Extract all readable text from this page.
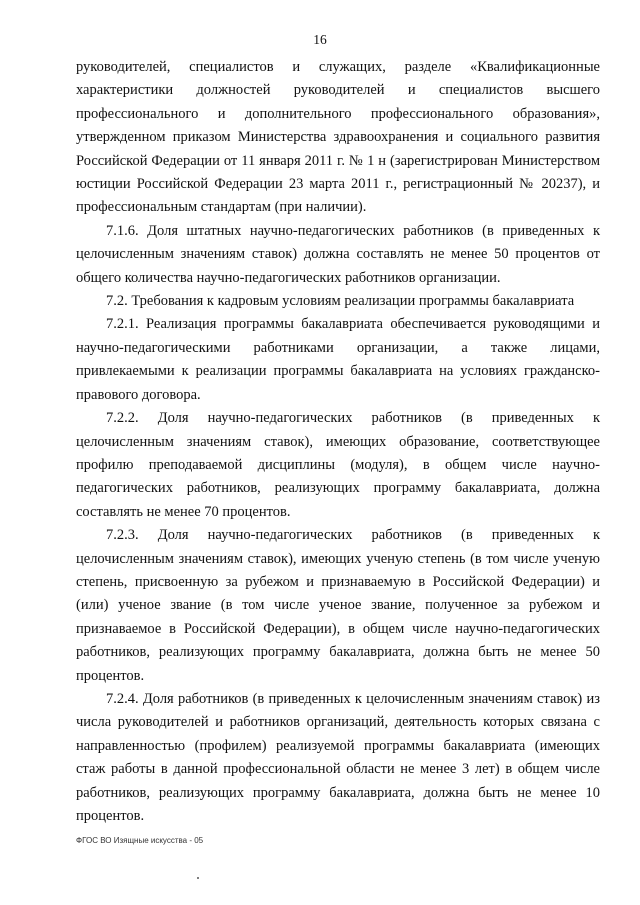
16

руководителей, специалистов и служащих, разделе «Квалификационные характеристики должностей руководителей и специалистов высшего профессионального и дополнительного профессионального образования», утвержденном приказом Министерства здравоохранения и социального развития Российской Федерации от 11 января 2011 г. № 1 н (зарегистрирован Министерством юстиции Российской Федерации 23 марта 2011 г., регистрационный № 20237), и профессиональным стандартам (при наличии).

7.1.6. Доля штатных научно-педагогических работников (в приведенных к целочисленным значениям ставок) должна составлять не менее 50 процентов от общего количества научно-педагогических работников организации.

7.2. Требования к кадровым условиям реализации программы бакалавриата

7.2.1. Реализация программы бакалавриата обеспечивается руководящими и научно-педагогическими работниками организации, а также лицами, привлекаемыми к реализации программы бакалавриата на условиях гражданско-правового договора.

7.2.2. Доля научно-педагогических работников (в приведенных к целочисленным значениям ставок), имеющих образование, соответствующее профилю преподаваемой дисциплины (модуля), в общем числе научно-педагогических работников, реализующих программу бакалавриата, должна составлять не менее 70 процентов.

7.2.3. Доля научно-педагогических работников (в приведенных к целочисленным значениям ставок), имеющих ученую степень (в том числе ученую степень, присвоенную за рубежом и признаваемую в Российской Федерации) и (или) ученое звание (в том числе ученое звание, полученное за рубежом и признаваемое в Российской Федерации), в общем числе научно-педагогических работников, реализующих программу бакалавриата, должна быть не менее 50 процентов.

7.2.4. Доля работников (в приведенных к целочисленным значениям ставок) из числа руководителей и работников организаций, деятельность которых связана с направленностью (профилем) реализуемой программы бакалавриата (имеющих стаж работы в данной профессиональной области не менее 3 лет) в общем числе работников, реализующих программу бакалавриата, должна быть не менее 10 процентов.

ФГОС ВО Изящные искусства - 05
